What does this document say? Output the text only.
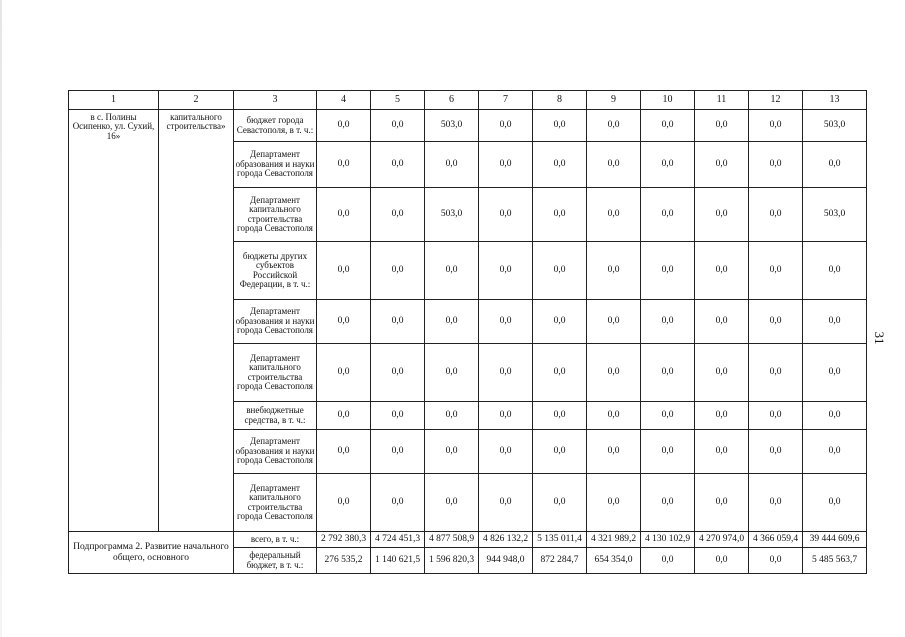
1	2	3	4	5	6	7	8	9	10	11	12	13
в с. Полины Осипенко, ул. Сухий, 16»	капитального строительства»	бюджет города Севастополя, в т. ч.:	0,0	0,0	503,0	0,0	0,0	0,0	0,0	0,0	0,0	503,0
		Департамент образования и науки города Севастополя	0,0	0,0	0,0	0,0	0,0	0,0	0,0	0,0	0,0	0,0
		Департамент капитального строительства города Севастополя	0,0	0,0	503,0	0,0	0,0	0,0	0,0	0,0	0,0	503,0
		бюджеты других субъектов Российской Федерации, в т. ч.:	0,0	0,0	0,0	0,0	0,0	0,0	0,0	0,0	0,0	0,0
		Департамент образования и науки города Севастополя	0,0	0,0	0,0	0,0	0,0	0,0	0,0	0,0	0,0	0,0
		Департамент капитального строительства города Севастополя	0,0	0,0	0,0	0,0	0,0	0,0	0,0	0,0	0,0	0,0
		внебюджетные средства, в т. ч.:	0,0	0,0	0,0	0,0	0,0	0,0	0,0	0,0	0,0	0,0
		Департамент образования и науки города Севастополя	0,0	0,0	0,0	0,0	0,0	0,0	0,0	0,0	0,0	0,0
		Департамент капитального строительства города Севастополя	0,0	0,0	0,0	0,0	0,0	0,0	0,0	0,0	0,0	0,0
Подпрограмма 2. Развитие начального общего, основного		всего, в т. ч.:	2 792 380,3	4 724 451,3	4 877 508,9	4 826 132,2	5 135 011,4	4 321 989,2	4 130 102,9	4 270 974,0	4 366 059,4	39 444 609,6
		федеральный бюджет, в т. ч.:	276 535,2	1 140 621,5	1 596 820,3	944 948,0	872 284,7	654 354,0	0,0	0,0	0,0	5 485 563,7
31
